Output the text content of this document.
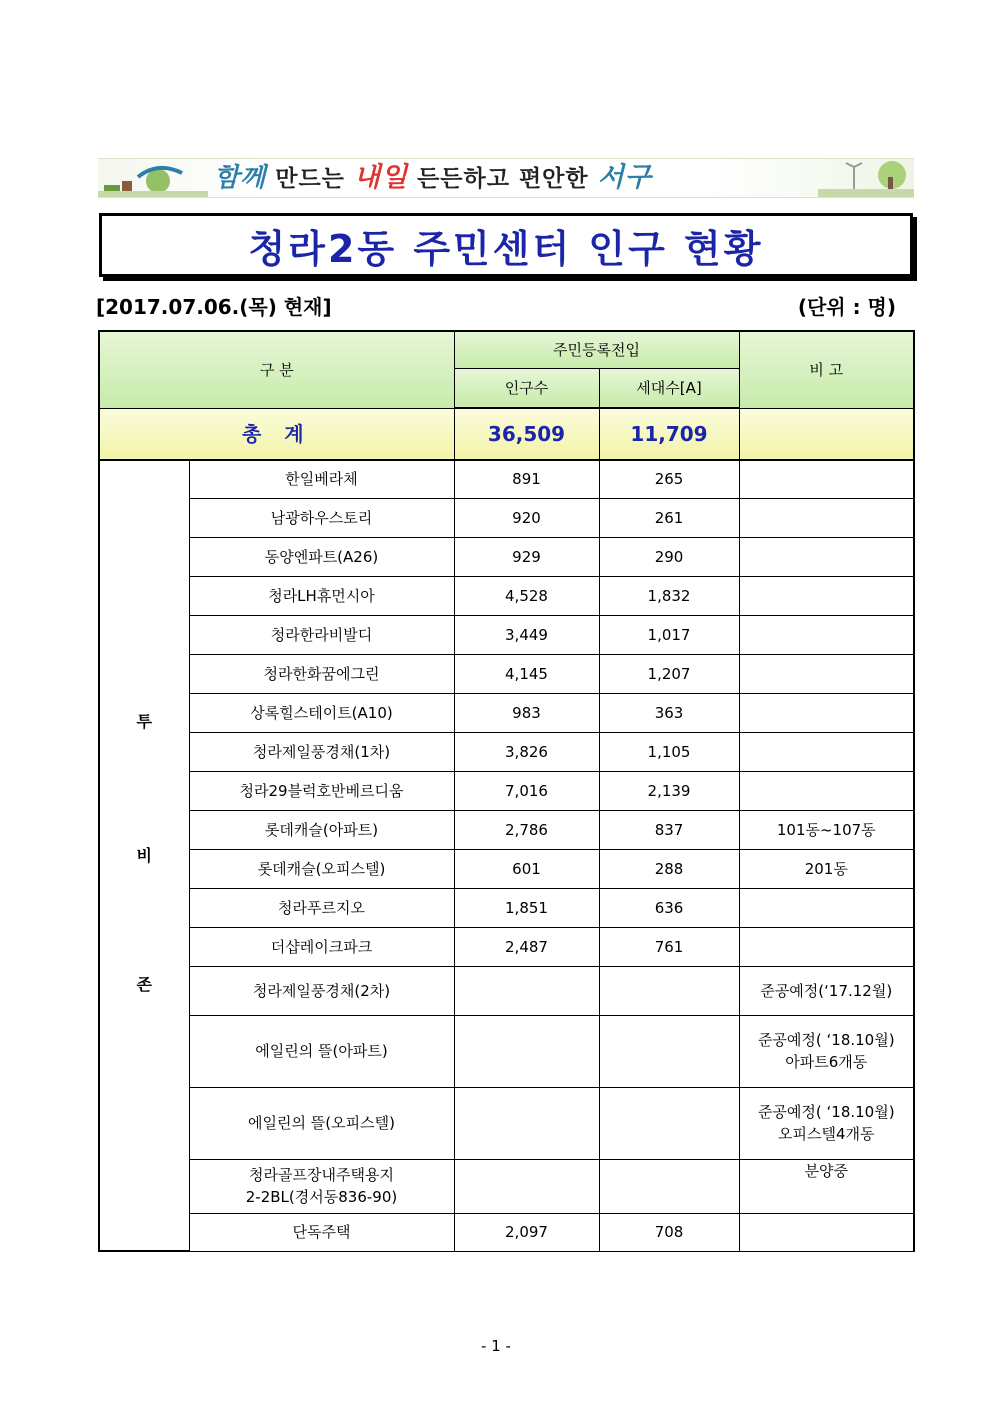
함께 만드는 내일 든든하고 편안한 서구
청라2동 주민센터 인구 현황
[2017.07.06.(목) 현재]	(단위 : 명)
구 분		주민등록전입		비 고
		인구수	세대수[A]	
총 계		36,509	11,709	

투
비
존	한일베라체	891	265	

	남광하우스토리	920	261	

	동양엔파트(A26)	929	290	

	청라LH휴먼시아	4,528	1,832	

	청라한라비발디	3,449	1,017	

	청라한화꿈에그린	4,145	1,207	

	상록힐스테이트(A10)	983	363	

	청라제일풍경채(1차)	3,826	1,105	

	청라29블럭호반베르디움	7,016	2,139	

	롯데캐슬(아파트)	2,786	837	101동~107동

	롯데캐슬(오피스텔)	601	288	201동

	청라푸르지오	1,851	636	

	더샵레이크파크	2,487	761	

	청라제일풍경채(2차)			준공예정(‘17.12월)

	에일린의 뜰(아파트)			준공예정( ‘18.10월)
아파트6개동

	에일린의 뜰(오피스텔)			준공예정( ‘18.10월)
오피스텔4개동

	청라골프장내주택용지
2-2BL(경서동836-90)			분양중

	단독주택	2,097	708	
- 1 -
